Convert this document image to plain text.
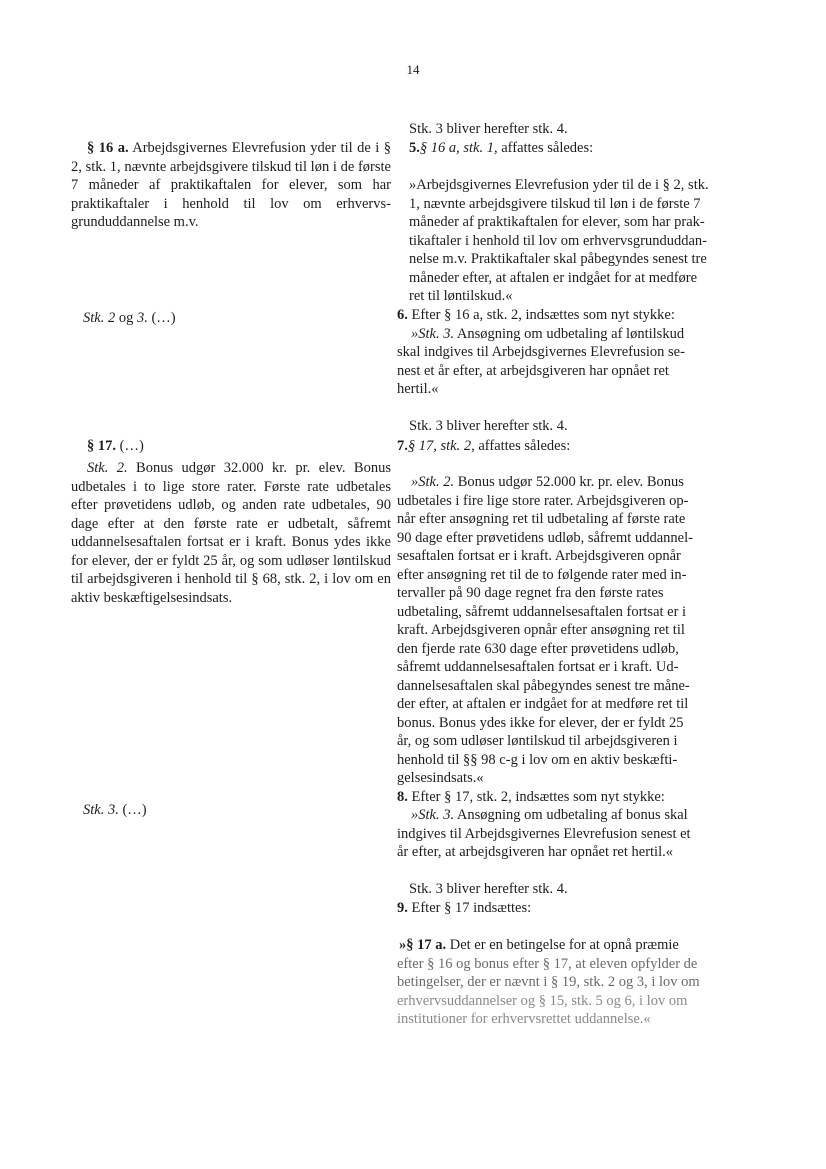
14

§ 16 a. Arbejdsgivernes Elevrefusion yder til de i § 2, stk. 1, nævnte arbejdsgivere tilskud til løn i de første 7 måneder af praktikaftalen for elever, som har praktikaftaler i henhold til lov om erhvervsgrunduddannelse m.v.

Stk. 2 og 3. (…)

§ 17. (…)

Stk. 2. Bonus udgør 32.000 kr. pr. elev. Bonus udbetales i to lige store rater. Første rate udbetales efter prøvetidens udløb, og anden rate udbetales, 90 dage efter at den første rate er udbetalt, såfremt uddannelsesaftalen fortsat er i kraft. Bonus ydes ikke for elever, der er fyldt 25 år, og som udløser løntilskud til arbejdsgiveren i henhold til § 68, stk. 2, i lov om en aktiv beskæftigelsesindsats.

Stk. 3. (…)

Stk. 3 bliver herefter stk. 4.
5.§ 16 a, stk. 1, affattes således:
»Arbejdsgivernes Elevrefusion yder til de i § 2, stk.
1, nævnte arbejdsgivere tilskud til løn i de første 7
måneder af praktikaftalen for elever, som har prak-
tikaftaler i henhold til lov om erhvervsgrunduddan-
nelse m.v. Praktikaftaler skal påbegyndes senest tre
måneder efter, at aftalen er indgået for at medføre
ret til løntilskud.«
6. Efter § 16 a, stk. 2, indsættes som nyt stykke:
»Stk. 3. Ansøgning om udbetaling af løntilskud
skal indgives til Arbejdsgivernes Elevrefusion se-
nest et år efter, at arbejdsgiveren har opnået ret
hertil.«
Stk. 3 bliver herefter stk. 4.
7.§ 17, stk. 2, affattes således:
»Stk. 2. Bonus udgør 52.000 kr. pr. elev. Bonus
udbetales i fire lige store rater. Arbejdsgiveren op-
når efter ansøgning ret til udbetaling af første rate
90 dage efter prøvetidens udløb, såfremt uddannel-
sesaftalen fortsat er i kraft. Arbejdsgiveren opnår
efter ansøgning ret til de to følgende rater med in-
tervaller på 90 dage regnet fra den første rates
udbetaling, såfremt uddannelsesaftalen fortsat er i
kraft. Arbejdsgiveren opnår efter ansøgning ret til
den fjerde rate 630 dage efter prøvetidens udløb,
såfremt uddannelsesaftalen fortsat er i kraft. Ud-
dannelsesaftalen skal påbegyndes senest tre måne-
der efter, at aftalen er indgået for at medføre ret til
bonus. Bonus ydes ikke for elever, der er fyldt 25
år, og som udløser løntilskud til arbejdsgiveren i
henhold til §§ 98 c-g i lov om en aktiv beskæfti-
gelsesindsats.«
8. Efter § 17, stk. 2, indsættes som nyt stykke:
»Stk. 3. Ansøgning om udbetaling af bonus skal
indgives til Arbejdsgivernes Elevrefusion senest et
år efter, at arbejdsgiveren har opnået ret hertil.«
Stk. 3 bliver herefter stk. 4.
9. Efter § 17 indsættes:
»§ 17 a. Det er en betingelse for at opnå præmie
efter § 16 og bonus efter § 17, at eleven opfylder de
betingelser, der er nævnt i § 19, stk. 2 og 3, i lov om
erhvervsuddannelser og § 15, stk. 5 og 6, i lov om
institutioner for erhvervsrettet uddannelse.«
